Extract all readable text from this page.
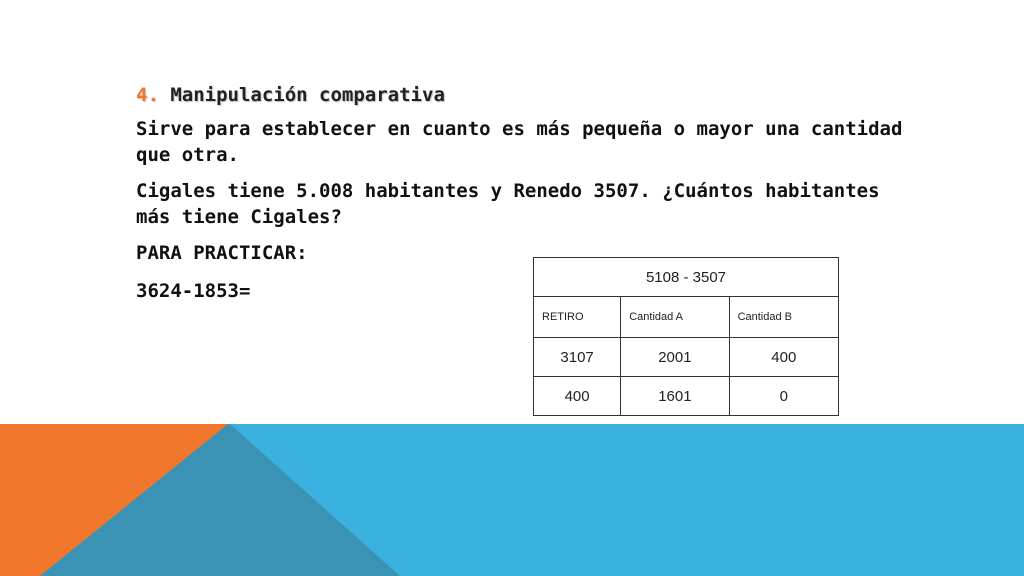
4. Manipulación comparativa

Sirve para establecer en cuanto es más pequeña o mayor una cantidad que otra.

Cigales tiene 5.008 habitantes y Renedo 3507. ¿Cuántos habitantes más tiene Cigales?

PARA PRACTICAR:

3624-1853=

5108 - 3507		
RETIRO	Cantidad A	Cantidad B
3107	2001	400
400	1601	0
